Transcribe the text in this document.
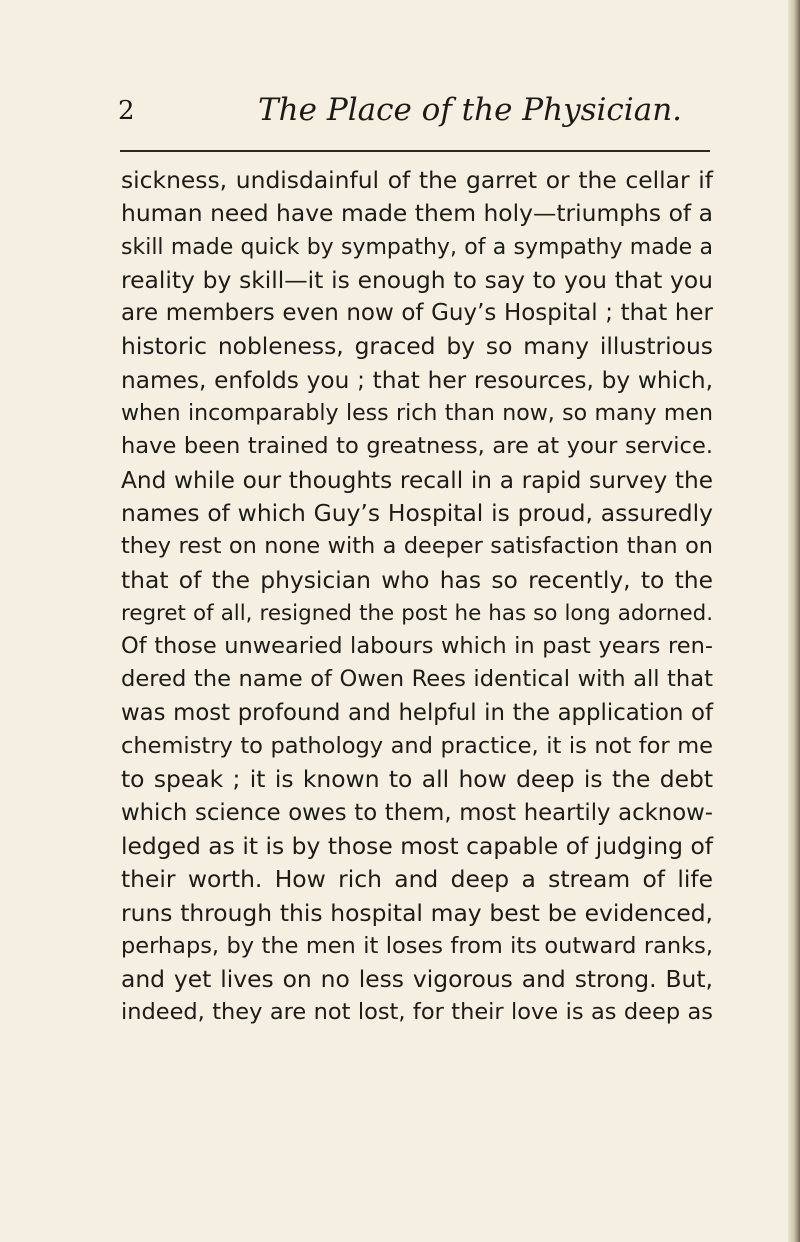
2	The Place of the Physician.
sickness, undisdainful of the garret or the cellar if
human need have made them holy—triumphs of a
skill made quick by sympathy, of a sympathy made a
reality by skill—it is enough to say to you that you
are members even now of Guy’s Hospital ; that her
historic nobleness, graced by so many illustrious
names, enfolds you ; that her resources, by which,
when incomparably less rich than now, so many men
have been trained to greatness, are at your service.
And while our thoughts recall in a rapid survey the
names of which Guy’s Hospital is proud, assuredly
they rest on none with a deeper satisfaction than on
that of the physician who has so recently, to the
regret of all, resigned the post he has so long adorned.
Of those unwearied labours which in past years ren-
dered the name of Owen Rees identical with all that
was most profound and helpful in the application of
chemistry to pathology and practice, it is not for me
to speak ; it is known to all how deep is the debt
which science owes to them, most heartily acknow-
ledged as it is by those most capable of judging of
their worth. How rich and deep a stream of life
runs through this hospital may best be evidenced,
perhaps, by the men it loses from its outward ranks,
and yet lives on no less vigorous and strong. But,
indeed, they are not lost, for their love is as deep as
